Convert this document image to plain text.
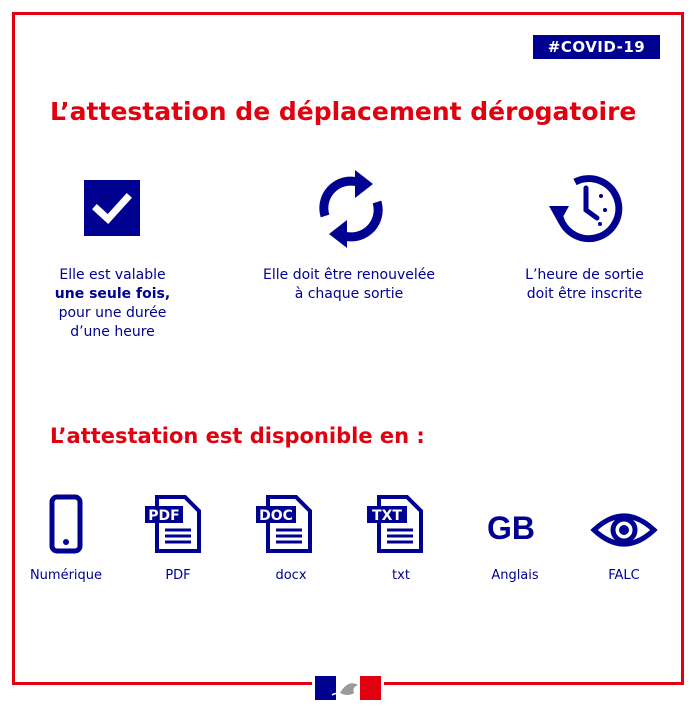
#COVID-19
L’attestation de déplacement dérogatoire
Elle est valable
une seule fois,
pour une durée
d’une heure
Elle doit être renouvelée
à chaque sortie
L’heure de sortie
doit être inscrite
L’attestation est disponible en :
Numérique
PDF
PDF
DOC
docx
TXT
txt
GB
Anglais	FALC
